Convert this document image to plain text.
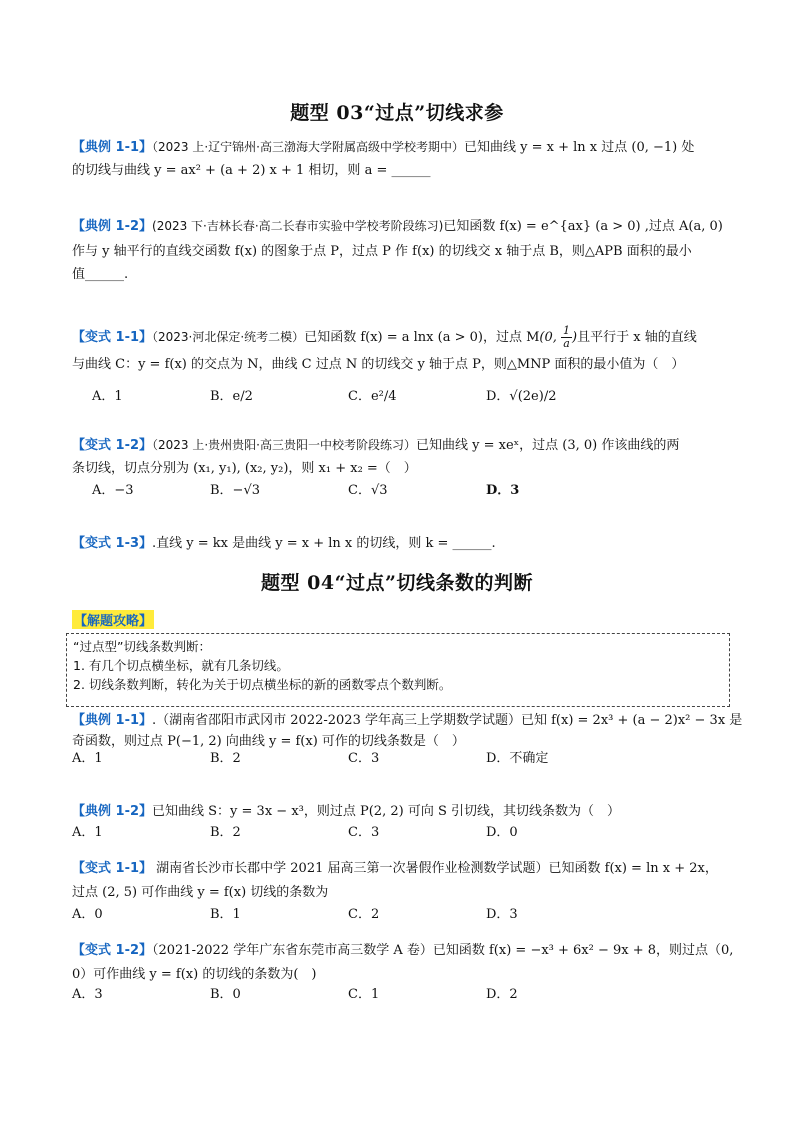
题型 03“过点”切线求参
【典例 1-1】（2023 上·辽宁锦州·高三渤海大学附属高级中学校考期中）已知曲线 y = x + ln x 过点 (0, −1) 处
的切线与曲线 y = ax² + (a + 2) x + 1 相切，则 a = ______
【典例 1-2】(2023 下·吉林长春·高二长春市实验中学校考阶段练习)已知函数 f(x) = e^{ax} (a > 0) ,过点 A(a, 0)
作与 y 轴平行的直线交函数 f(x) 的图象于点 P，过点 P 作 f(x) 的切线交 x 轴于点 B，则△APB 面积的最小
值______.
【变式 1-1】（2023·河北保定·统考二模）已知函数 f(x) = a lnx (a > 0)，过点 M(0, $\frac{1}{a}$ )且平行于 x 轴的直线
与曲线 C：y = f(x) 的交点为 N，曲线 C 过点 N 的切线交 y 轴于点 P，则△MNP 面积的最小值为（　）
A．1	B．e/2	C．e²/4	D．√(2e)/2
【变式 1-2】（2023 上·贵州贵阳·高三贵阳一中校考阶段练习）已知曲线 y = xeˣ，过点 (3, 0) 作该曲线的两
条切线，切点分别为 (x₁, y₁), (x₂, y₂)，则 x₁ + x₂ =（　）
A．−3	B．−√3	C．√3	D．3
【变式 1-3】.直线 y = kx 是曲线 y = x + ln x 的切线，则 k = ______.
题型 04“过点”切线条数的判断
【解题攻略】
“过点型”切线条数判断：
1. 有几个切点横坐标，就有几条切线。
2. 切线条数判断，转化为关于切点横坐标的新的函数零点个数判断。
【典例 1-1】.（湖南省邵阳市武冈市 2022-2023 学年高三上学期数学试题）已知 f(x) = 2x³ + (a − 2)x² − 3x 是
奇函数，则过点 P(−1, 2) 向曲线 y = f(x) 可作的切线条数是（　）
A．1	B．2	C．3	D．不确定
【典例 1-2】已知曲线 S：y = 3x − x³，则过点 P(2, 2) 可向 S 引切线，其切线条数为（　）
A．1	B．2	C．3	D．0
【变式 1-1】 湖南省长沙市长郡中学 2021 届高三第一次暑假作业检测数学试题）已知函数 f(x) = ln x + 2x，
过点 (2, 5) 可作曲线 y = f(x) 切线的条数为
A．0	B．1	C．2	D．3
【变式 1-2】（2021-2022 学年广东省东莞市高三数学 A 卷）已知函数 f(x) = −x³ + 6x² − 9x + 8，则过点（0,
0）可作曲线 y = f(x) 的切线的条数为(　)
A．3	B．0	C．1	D．2
